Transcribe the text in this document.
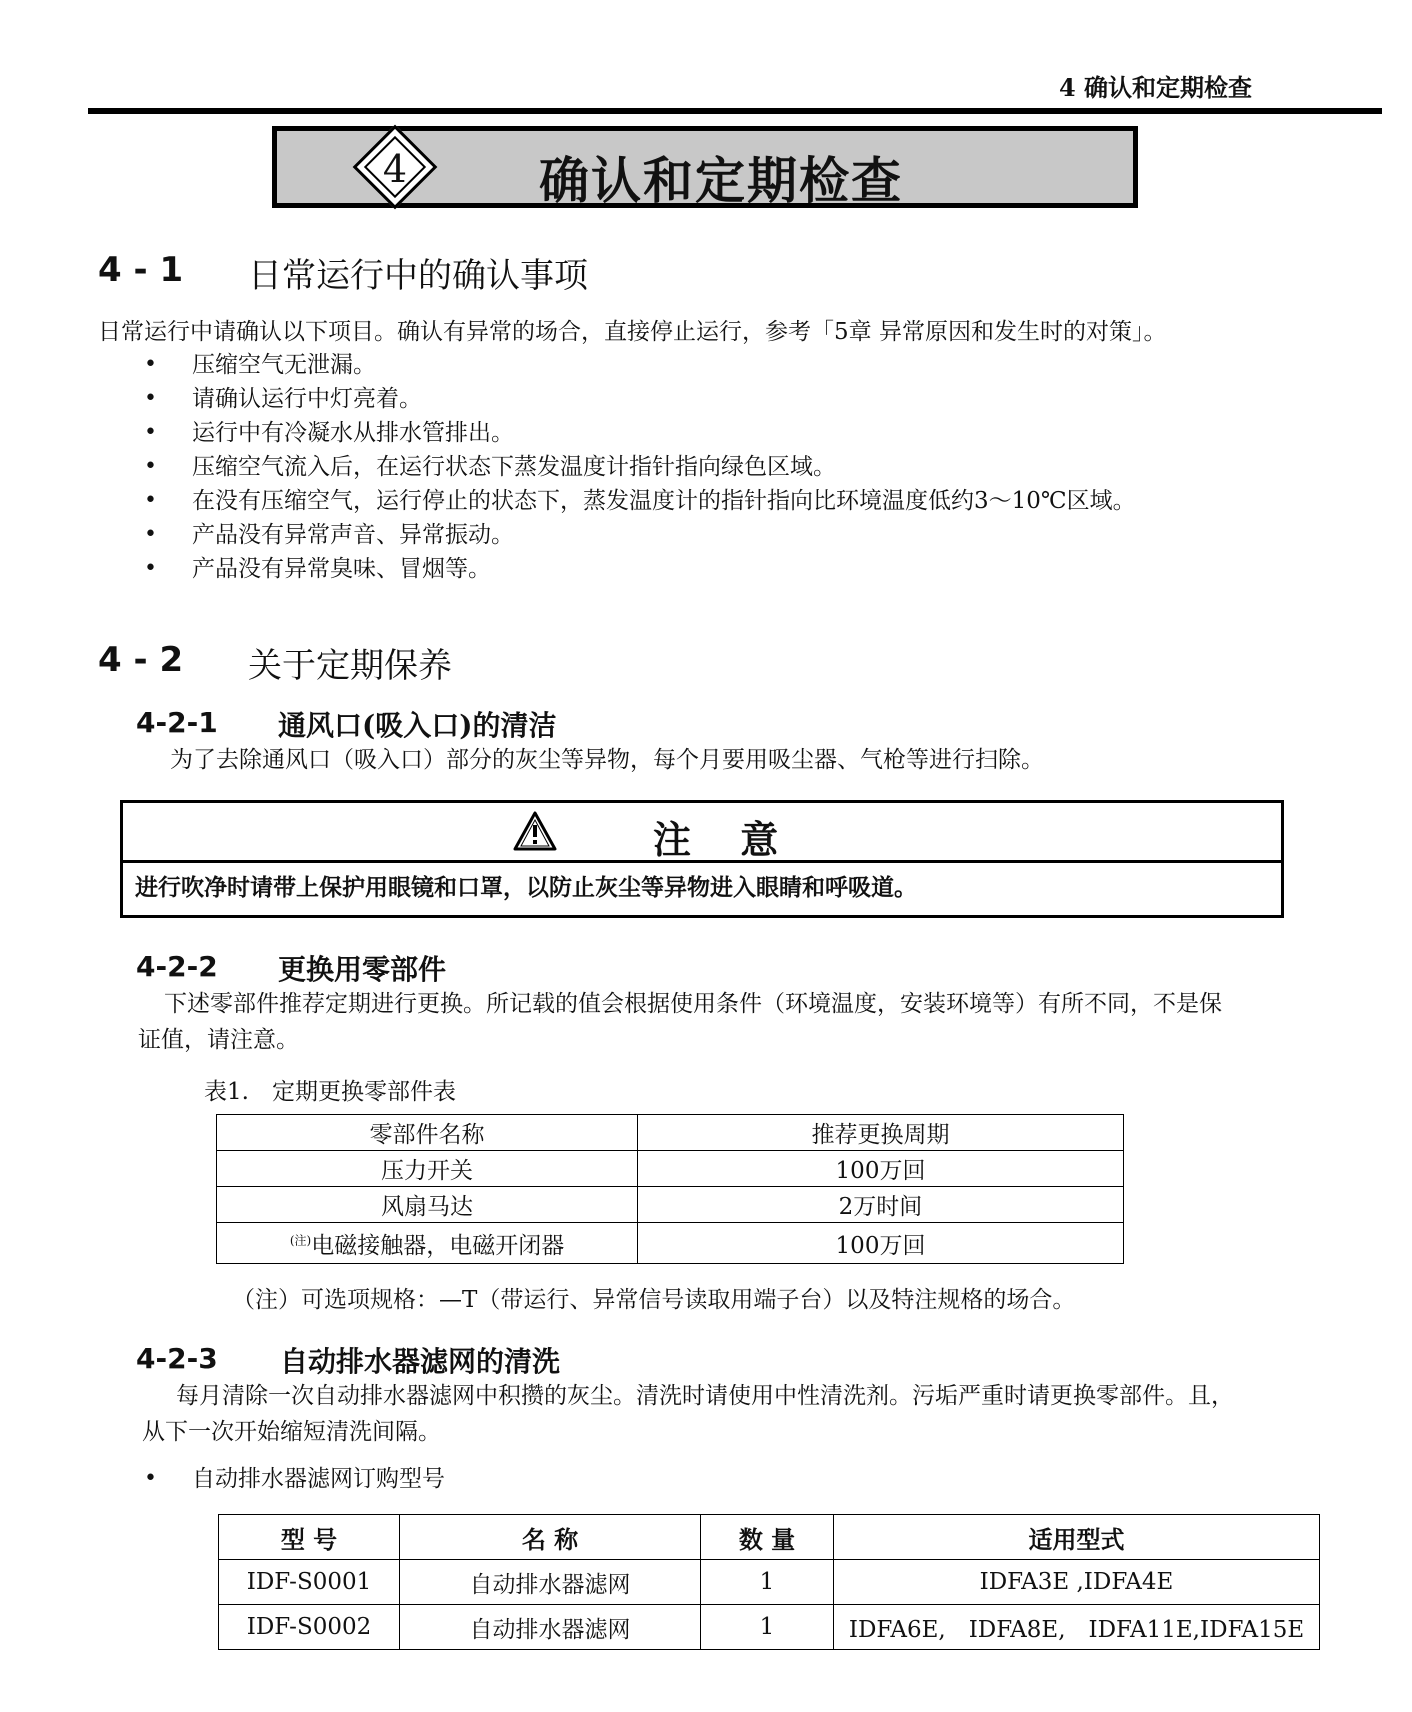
4 确认和定期检查
4	确认和定期检查
4 - 1 日常运行中的确认事项
日常运行中请确认以下项目。确认有异常的场合，直接停止运行，参考「5章 异常原因和发生时的对策」。
• 压缩空气无泄漏。
• 请确认运行中灯亮着。
• 运行中有冷凝水从排水管排出。
• 压缩空气流入后，在运行状态下蒸发温度计指针指向绿色区域。
• 在没有压缩空气，运行停止的状态下，蒸发温度计的指针指向比环境温度低约3～10℃区域。
• 产品没有异常声音、异常振动。
• 产品没有异常臭味、冒烟等。
4 - 2 关于定期保养
4-2-1 通风口(吸入口)的清洁
为了去除通风口（吸入口）部分的灰尘等异物，每个月要用吸尘器、气枪等进行扫除。
注 意
进行吹净时请带上保护用眼镜和口罩，以防止灰尘等异物进入眼睛和呼吸道。
4-2-2 更换用零部件
下述零部件推荐定期进行更换。所记载的值会根据使用条件（环境温度，安装环境等）有所不同，不是保
证值，请注意。
表1.　定期更换零部件表
零部件名称	推荐更换周期
压力开关	100万回
风扇马达	2万时间
$^{(注)}$电磁接触器，电磁开闭器	100万回
（注）可选项规格：—T（带运行、异常信号读取用端子台）以及特注规格的场合。
4-2-3 自动排水器滤网的清洗
每月清除一次自动排水器滤网中积攒的灰尘。清洗时请使用中性清洗剂。污垢严重时请更换零部件。且，
从下一次开始缩短清洗间隔。
• 自动排水器滤网订购型号
型 号	名 称	数 量	适用型式
IDF-S0001	自动排水器滤网	1	IDFA3E ,IDFA4E
IDF-S0002	自动排水器滤网	1	IDFA6E,　IDFA8E,　IDFA11E,IDFA15E
